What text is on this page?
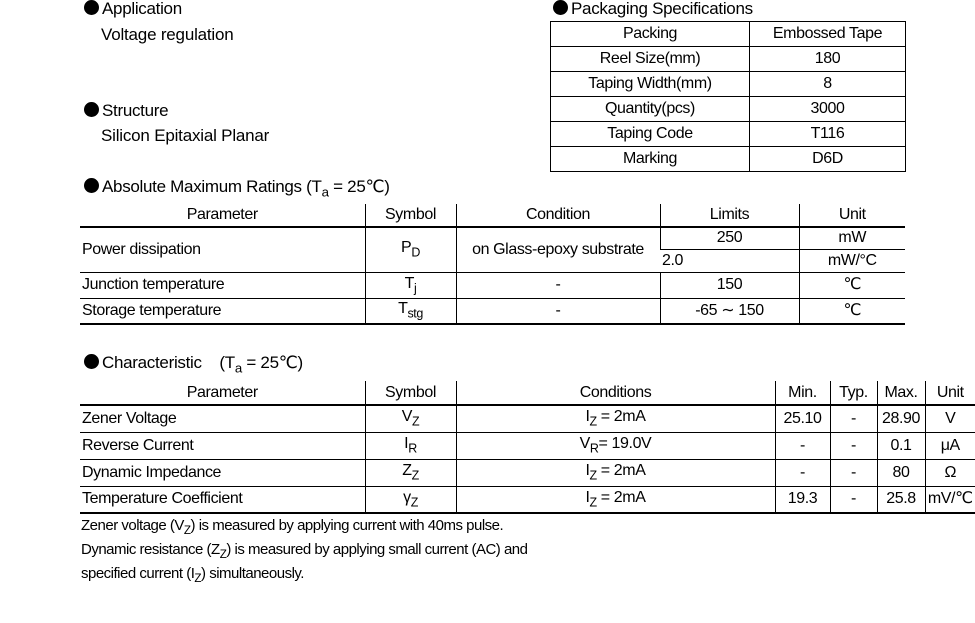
Application
Voltage regulation
Structure
Silicon Epitaxial Planar
Packaging Specifications
Packing	Embossed Tape
Reel Size(mm)	180
Taping Width(mm)	8
Quantity(pcs)	3000
Taping Code	T116
Marking	D6D
Absolute Maximum Ratings ($T_a$ = 25℃)
Parameter	Symbol	Condition	Limits	Unit
Power dissipation	$P_D$	on Glass-epoxy substrate	250	mW
			2.0	mW/°C
Junction temperature	$T_j$	-	150	℃
Storage temperature	$T_{stg}$	-	-65 ∼ 150	℃
Characteristic ($T_a$ = 25℃)
Parameter	Symbol	Conditions	Min.	Typ.	Max.	Unit
Zener Voltage	$V_Z$	$I_Z = 2mA$	25.10	-	28.90	V
Reverse Current	$I_R$	$V_R= 19.0V$	-	-	0.1	μA
Dynamic Impedance	$Z_Z$	$I_Z = 2mA$	-	-	80	Ω
Temperature Coefficient	$\gamma_Z$	$I_Z = 2mA$	19.3	-	25.8	mV/℃
Zener voltage $(V_Z)$ is measured by applying current with 40ms pulse.
Dynamic resistance $(Z_Z)$ is measured by applying small current (AC) and
specified current $(I_Z)$ simultaneously.
